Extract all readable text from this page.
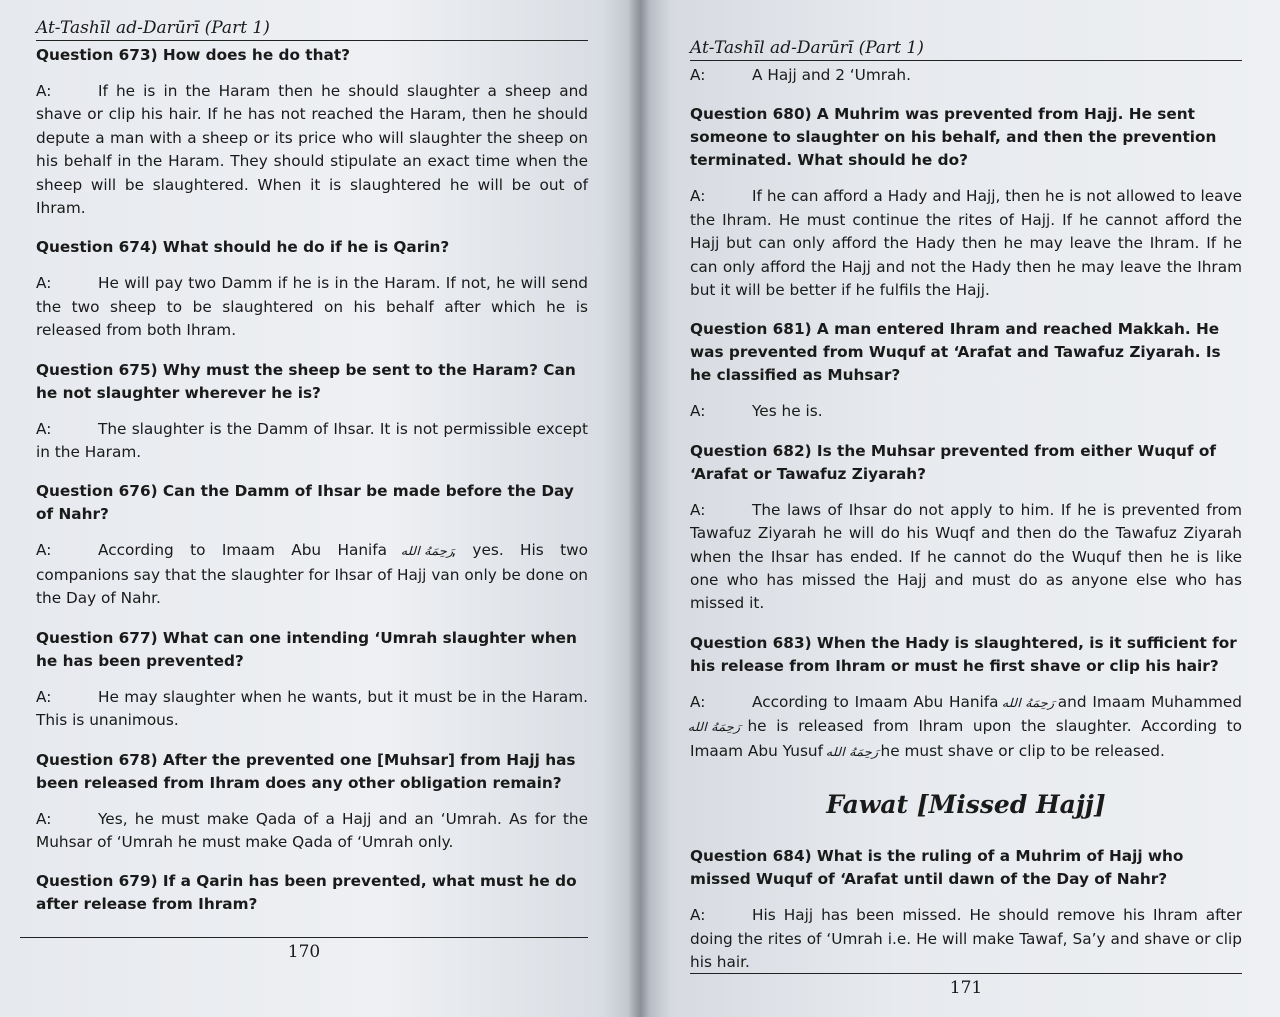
At-Tashīl ad-Darūrī (Part 1)
Question 673) How does he do that?
A:	If he is in the Haram then he should slaughter a sheep and shave or clip his hair. If he has not reached the Haram, then he should depute a man with a sheep or its price who will slaughter the sheep on his behalf in the Haram. They should stipulate an exact time when the sheep will be slaughtered. When it is slaughtered he will be out of Ihram.
Question 674) What should he do if he is Qarin?
A:	He will pay two Damm if he is in the Haram. If not, he will send the two sheep to be slaughtered on his behalf after which he is released from both Ihram.
Question 675) Why must the sheep be sent to the Haram? Can he not slaughter wherever he is?
A:	The slaughter is the Damm of Ihsar. It is not permissible except in the Haram.
Question 676) Can the Damm of Ihsar be made before the Day of Nahr?
A:	According to Imaam Abu Hanifa رَحِمَهُ الله, yes. His two companions say that the slaughter for Ihsar of Hajj van only be done on the Day of Nahr.
Question 677) What can one intending ‘Umrah slaughter when he has been prevented?
A:	He may slaughter when he wants, but it must be in the Haram. This is unanimous.
Question 678) After the prevented one [Muhsar] from Hajj has been released from Ihram does any other obligation remain?
A:	Yes, he must make Qada of a Hajj and an ‘Umrah. As for the Muhsar of ‘Umrah he must make Qada of ‘Umrah only.
Question 679) If a Qarin has been prevented, what must he do after release from Ihram?
170
At-Tashīl ad-Darūrī (Part 1)
A:	A Hajj and 2 ‘Umrah.
Question 680) A Muhrim was prevented from Hajj. He sent someone to slaughter on his behalf, and then the prevention terminated. What should he do?
A:	If he can afford a Hady and Hajj, then he is not allowed to leave the Ihram. He must continue the rites of Hajj. If he cannot afford the Hajj but can only afford the Hady then he may leave the Ihram. If he can only afford the Hajj and not the Hady then he may leave the Ihram but it will be better if he fulfils the Hajj.
Question 681) A man entered Ihram and reached Makkah. He was prevented from Wuquf at ‘Arafat and Tawafuz Ziyarah. Is he classified as Muhsar?
A:	Yes he is.
Question 682) Is the Muhsar prevented from either Wuquf of ‘Arafat or Tawafuz Ziyarah?
A:	The laws of Ihsar do not apply to him. If he is prevented from Tawafuz Ziyarah he will do his Wuqf and then do the Tawafuz Ziyarah when the Ihsar has ended. If he cannot do the Wuquf then he is like one who has missed the Hajj and must do as anyone else who has missed it.
Question 683) When the Hady is slaughtered, is it sufficient for his release from Ihram or must he first shave or clip his hair?
A:	According to Imaam Abu Hanifa رَحِمَهُ الله and Imaam Muhammed رَحِمَهُ الله he is released from Ihram upon the slaughter. According to Imaam Abu Yusuf رَحِمَهُ الله he must shave or clip to be released.
Fawat [Missed Hajj]
Question 684) What is the ruling of a Muhrim of Hajj who missed Wuquf of ‘Arafat until dawn of the Day of Nahr?
A:	His Hajj has been missed. He should remove his Ihram after doing the rites of ‘Umrah i.e. He will make Tawaf, Sa’y and shave or clip his hair.
171
